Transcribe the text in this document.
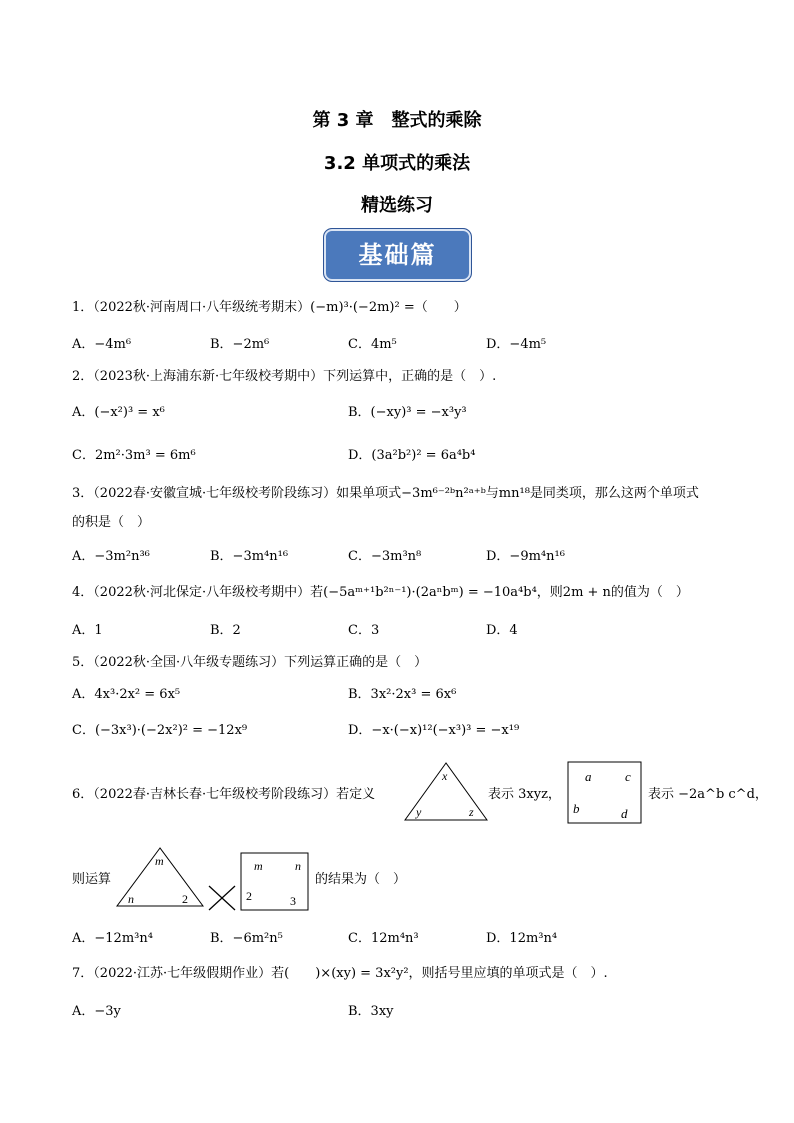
第 3 章　整式的乘除
3.2 单项式的乘法
精选练习
基础篇
1．（2022秋·河南周口·八年级统考期末）(−m)³·(−2m)² =（　　）
A．−4m⁶	B．−2m⁶	C．4m⁵	D．−4m⁵
2．（2023秋·上海浦东新·七年级校考期中）下列运算中，正确的是（　）.
A．(−x²)³ = x⁶	B．(−xy)³ = −x³y³
C．2m²·3m³ = 6m⁶	D．(3a²b²)² = 6a⁴b⁴
3．（2022春·安徽宣城·七年级校考阶段练习）如果单项式−3m⁶⁻²ᵇn²ᵃ⁺ᵇ与mn¹⁸是同类项，那么这两个单项式
的积是（　）
A．−3m²n³⁶	B．−3m⁴n¹⁶	C．−3m³n⁸	D．−9m⁴n¹⁶
4．（2022秋·河北保定·八年级校考期中）若(−5aᵐ⁺¹b²ⁿ⁻¹)·(2aⁿbᵐ) = −10a⁴b⁴，则2m + n的值为（　）
A．1	B．2	C．3	D．4
5．（2022秋·全国·八年级专题练习）下列运算正确的是（　）
A．4x³·2x² = 6x⁵	B．3x²·2x³ = 6x⁶
C．(−3x³)·(−2x²)² = −12x⁹	D．−x·(−x)¹²(−x³)³ = −x¹⁹
6．（2022春·吉林长春·七年级校考阶段练习）若定义
x
y	z
表示 3xyz，
a	c
b	d
表示 −2a^b c^d，
则运算
m
n	2
m	n
2	3
的结果为（　）
A．−12m³n⁴	B．−6m²n⁵	C．12m⁴n³	D．12m³n⁴
7．（2022·江苏·七年级假期作业）若(　　)×(xy) = 3x²y²，则括号里应填的单项式是（　）.
A．−3y	B．3xy
